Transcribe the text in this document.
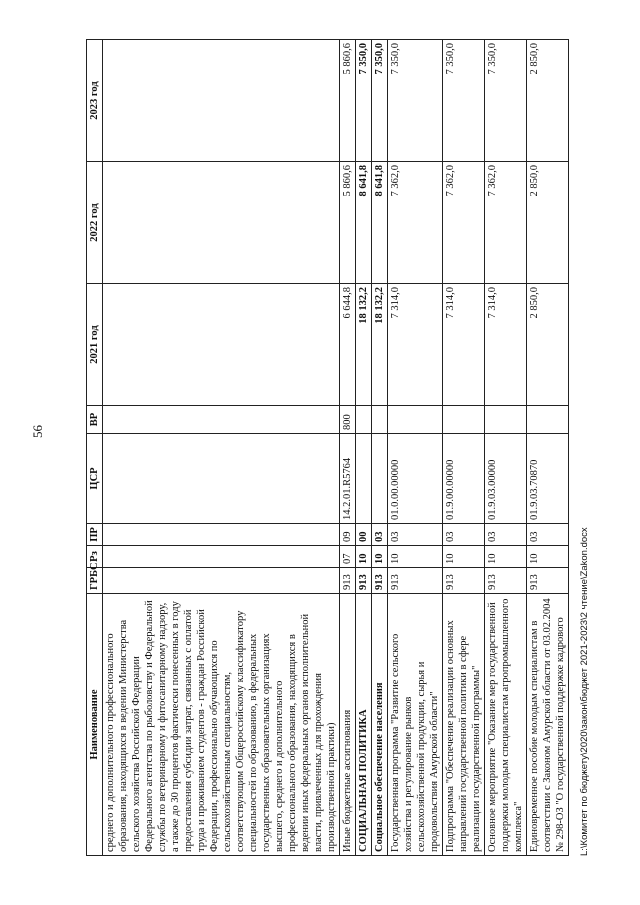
56
Наименование	ГРБС	Рз	ПР	ЦСР	ВР	2021 год	2022 год	2023 год
среднего и дополнительного профессионального образования, находящихся в ведении Министерства сельского хозяйства Российской Федерации Федерального агентства по рыболовству и Федеральной службы по ветеринарному и фитосанитарному надзору, а также до 30 процентов фактически понесенных в году предоставления субсидии затрат, связанных с оплатой труда и проживанием студентов - граждан Российской Федерации, профессионально обучающихся по сельскохозяйственным специальностям, соответствующим Общероссийскому классификатору специальностей по образованию, в федеральных государственных образовательных организациях высшего, среднего и дополнительного профессионального образования, находящихся в ведении иных федеральных органов исполнительной власти, привлеченных для прохождения производственной практики)								
Иные бюджетные ассигнования	913	07	09	14.2.01.R5764	800	6 644,8	5 860,6	5 860,6
СОЦИАЛЬНАЯ ПОЛИТИКА	913	10	00			18 132,2	8 641,8	7 350,0
Социальное обеспечение населения	913	10	03			18 132,2	8 641,8	7 350,0
Государственная программа "Развитие сельского хозяйства и регулирование рынков сельскохозяйственной продукции, сырья и продовольствия Амурской области"	913	10	03	01.0.00.00000		7 314,0	7 362,0	7 350,0
Подпрограмма "Обеспечение реализации основных направлений государственной политики в сфере реализации государственной программы"	913	10	03	01.9.00.00000		7 314,0	7 362,0	7 350,0
Основное мероприятие "Оказание мер государственной поддержки молодым специалистам агропромышленного комплекса"	913	10	03	01.9.03.00000		7 314,0	7 362,0	7 350,0
Единовременное пособие молодым специалистам в соответствии с Законом Амурской области от 03.02.2004 № 298-ОЗ "О государственной поддержке кадрового	913	10	03	01.9.03.70870		2 850,0	2 850,0	2 850,0
L:\Комитет по бюджету\2020\закон\бюджет 2021-2023\2 чтение\Zakon.docx
